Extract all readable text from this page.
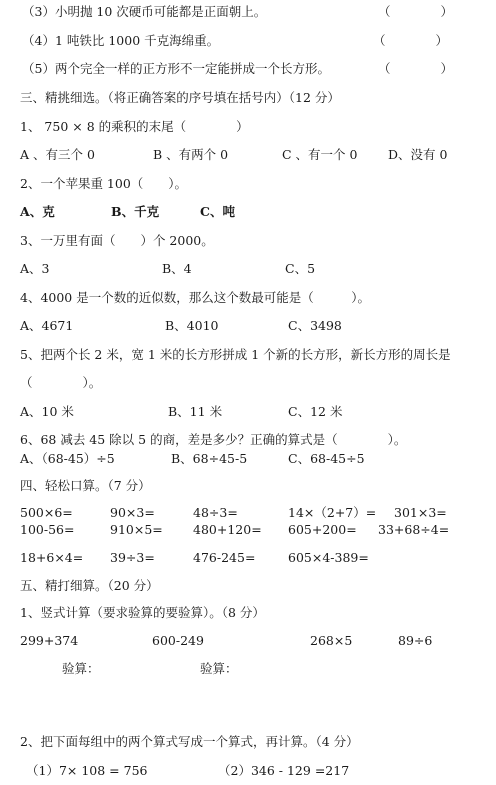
（3）小明抛 10 次硬币可能都是正面朝上。	（　　　　）
（4）1 吨铁比 1000 千克海绵重。	（　　　　）
（5）两个完全一样的正方形不一定能拼成一个长方形。	（　　　　）
三、精挑细选。（将正确答案的序号填在括号内）（12 分）
1、 750 × 8 的乘积的末尾（　　　　）
A 、有三个 0	B 、有两个 0	C 、有一个 0 D、没有 0
2、一个苹果重 100（　　）。
A、克	B、千克	C、吨
3、一万里有面（　　）个 2000。
A、3	B、4	C、5
4、4000 是一个数的近似数，那么这个数最可能是（　　　）。
A、4671	B、4010	C、3498
5、把两个长 2 米，宽 1 米的长方形拼成 1 个新的长方形，新长方形的周长是
（　　　　）。
A、10 米	B、11 米	C、12 米
6、68 减去 45 除以 5 的商，差是多少？正确的算式是（　　　　）。
A、（68-45）÷5	B、68÷45-5	C、68-45÷5
四、轻松口算。（7 分）
500×6=	90×3=	48÷3=	14×（2+7）= 301×3=
100-56=	910×5= 480+120= 605+200= 33+68÷4=
18+6×4= 39÷3=	476-245=	605×4-389=
五、精打细算。（20 分）
1、竖式计算（要求验算的要验算）。（8 分）
299+374	600-249	268×5	89÷6
验算：	验算：
2、把下面每组中的两个算式写成一个算式，再计算。（4 分）
（1）7× 108 = 756	（2）346 - 129 =217
